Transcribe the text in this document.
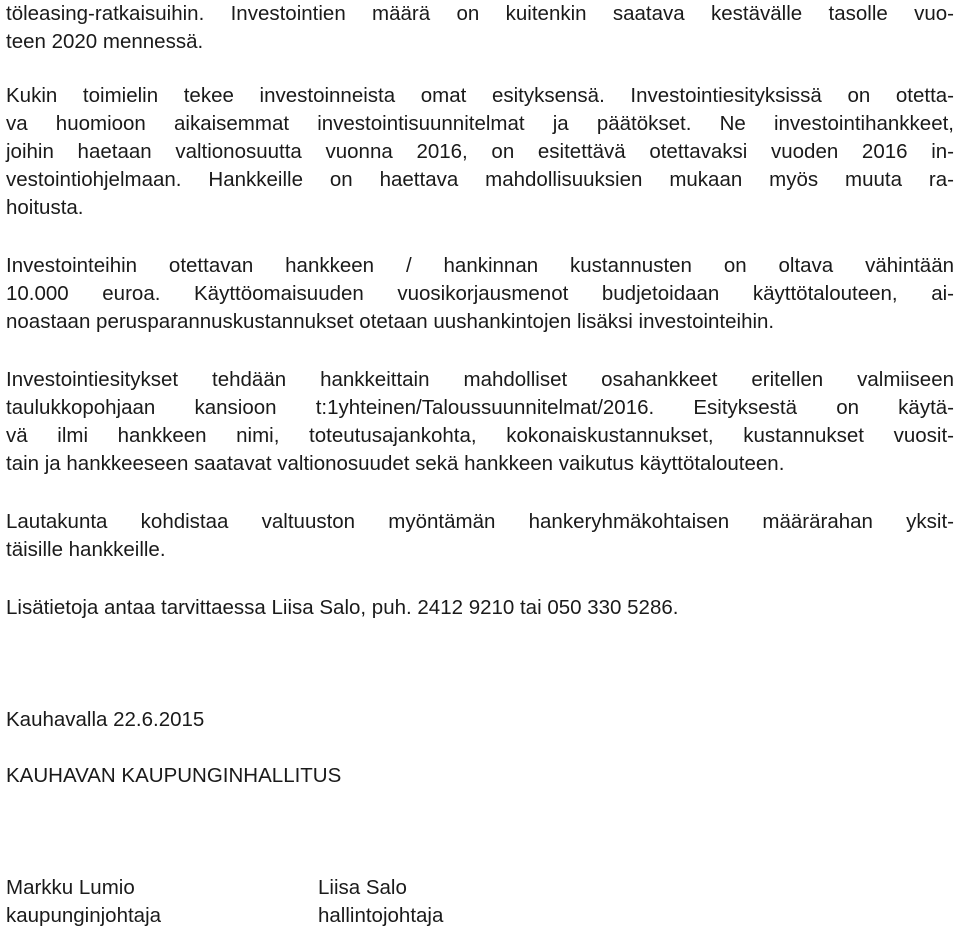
töleasing-ratkaisuihin. Investointien määrä on kuitenkin saatava kestävälle tasolle vuo-
teen 2020 mennessä.
Kukin toimielin tekee investoinneista omat esityksensä. Investointiesityksissä on otetta-
va huomioon aikaisemmat investointisuunnitelmat ja päätökset. Ne investointihankkeet,
joihin haetaan valtionosuutta vuonna 2016, on esitettävä otettavaksi vuoden 2016 in-
vestointiohjelmaan. Hankkeille on haettava mahdollisuuksien mukaan myös muuta ra-
hoitusta.
Investointeihin otettavan hankkeen / hankinnan kustannusten on oltava vähintään
10.000 euroa. Käyttöomaisuuden vuosikorjausmenot budjetoidaan käyttötalouteen, ai-
noastaan perusparannuskustannukset otetaan uushankintojen lisäksi investointeihin.
Investointiesitykset tehdään hankkeittain mahdolliset osahankkeet eritellen valmiiseen
taulukkopohjaan kansioon t:1yhteinen/Taloussuunnitelmat/2016. Esityksestä on käytä-
vä ilmi hankkeen nimi, toteutusajankohta, kokonaiskustannukset, kustannukset vuosit-
tain ja hankkeeseen saatavat valtionosuudet sekä hankkeen vaikutus käyttötalouteen.
Lautakunta kohdistaa valtuuston myöntämän hankeryhmäkohtaisen määrärahan yksit-
täisille hankkeille.
Lisätietoja antaa tarvittaessa Liisa Salo, puh. 2412 9210 tai 050 330 5286.
Kauhavalla 22.6.2015
KAUHAVAN KAUPUNGINHALLITUS
Markku Lumio
kaupunginjohtaja
Liisa Salo
hallintojohtaja
